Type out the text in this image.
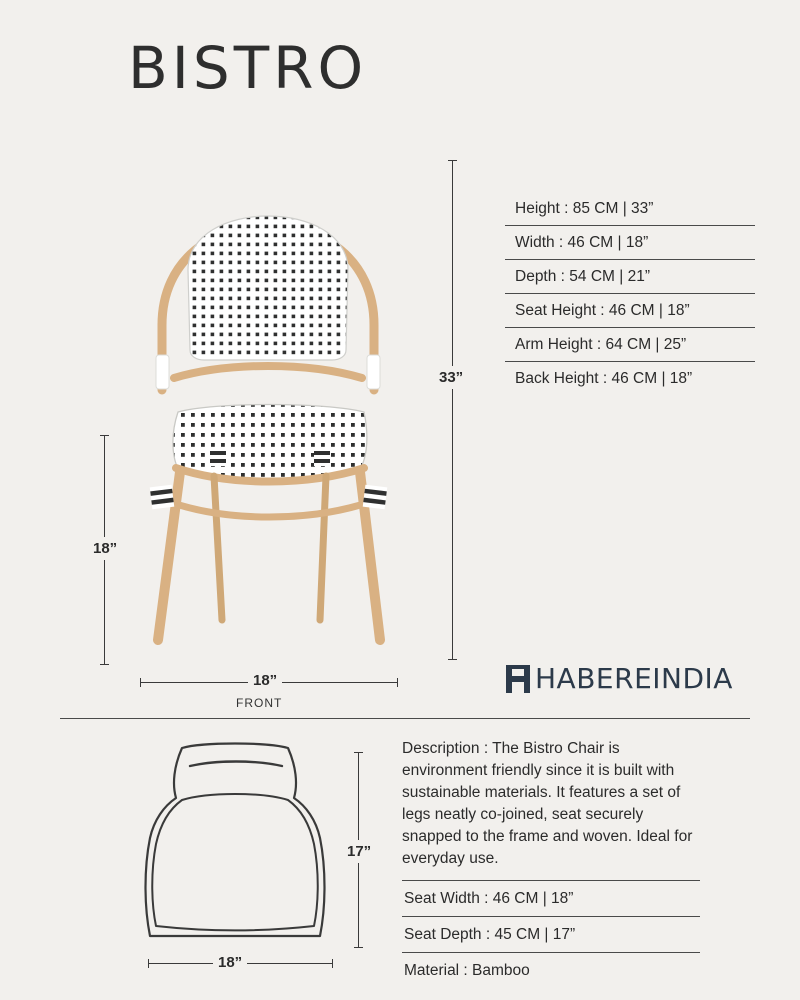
BISTRO
33”
18”
18”
FRONT
Height : 85 CM | 33”
Width : 46 CM | 18”
Depth : 54 CM | 21”
Seat Height : 46 CM | 18”
Arm Height : 64 CM | 25”
Back Height : 46 CM | 18”
HABEREINDIA
17”
18”
Description : The Bistro Chair is environment friendly since it is built with sustainable materials. It features a set of legs neatly co-joined, seat securely snapped to the frame and woven. Ideal for everyday use.
Seat Width : 46 CM | 18”
Seat Depth : 45 CM | 17”
Material : Bamboo
